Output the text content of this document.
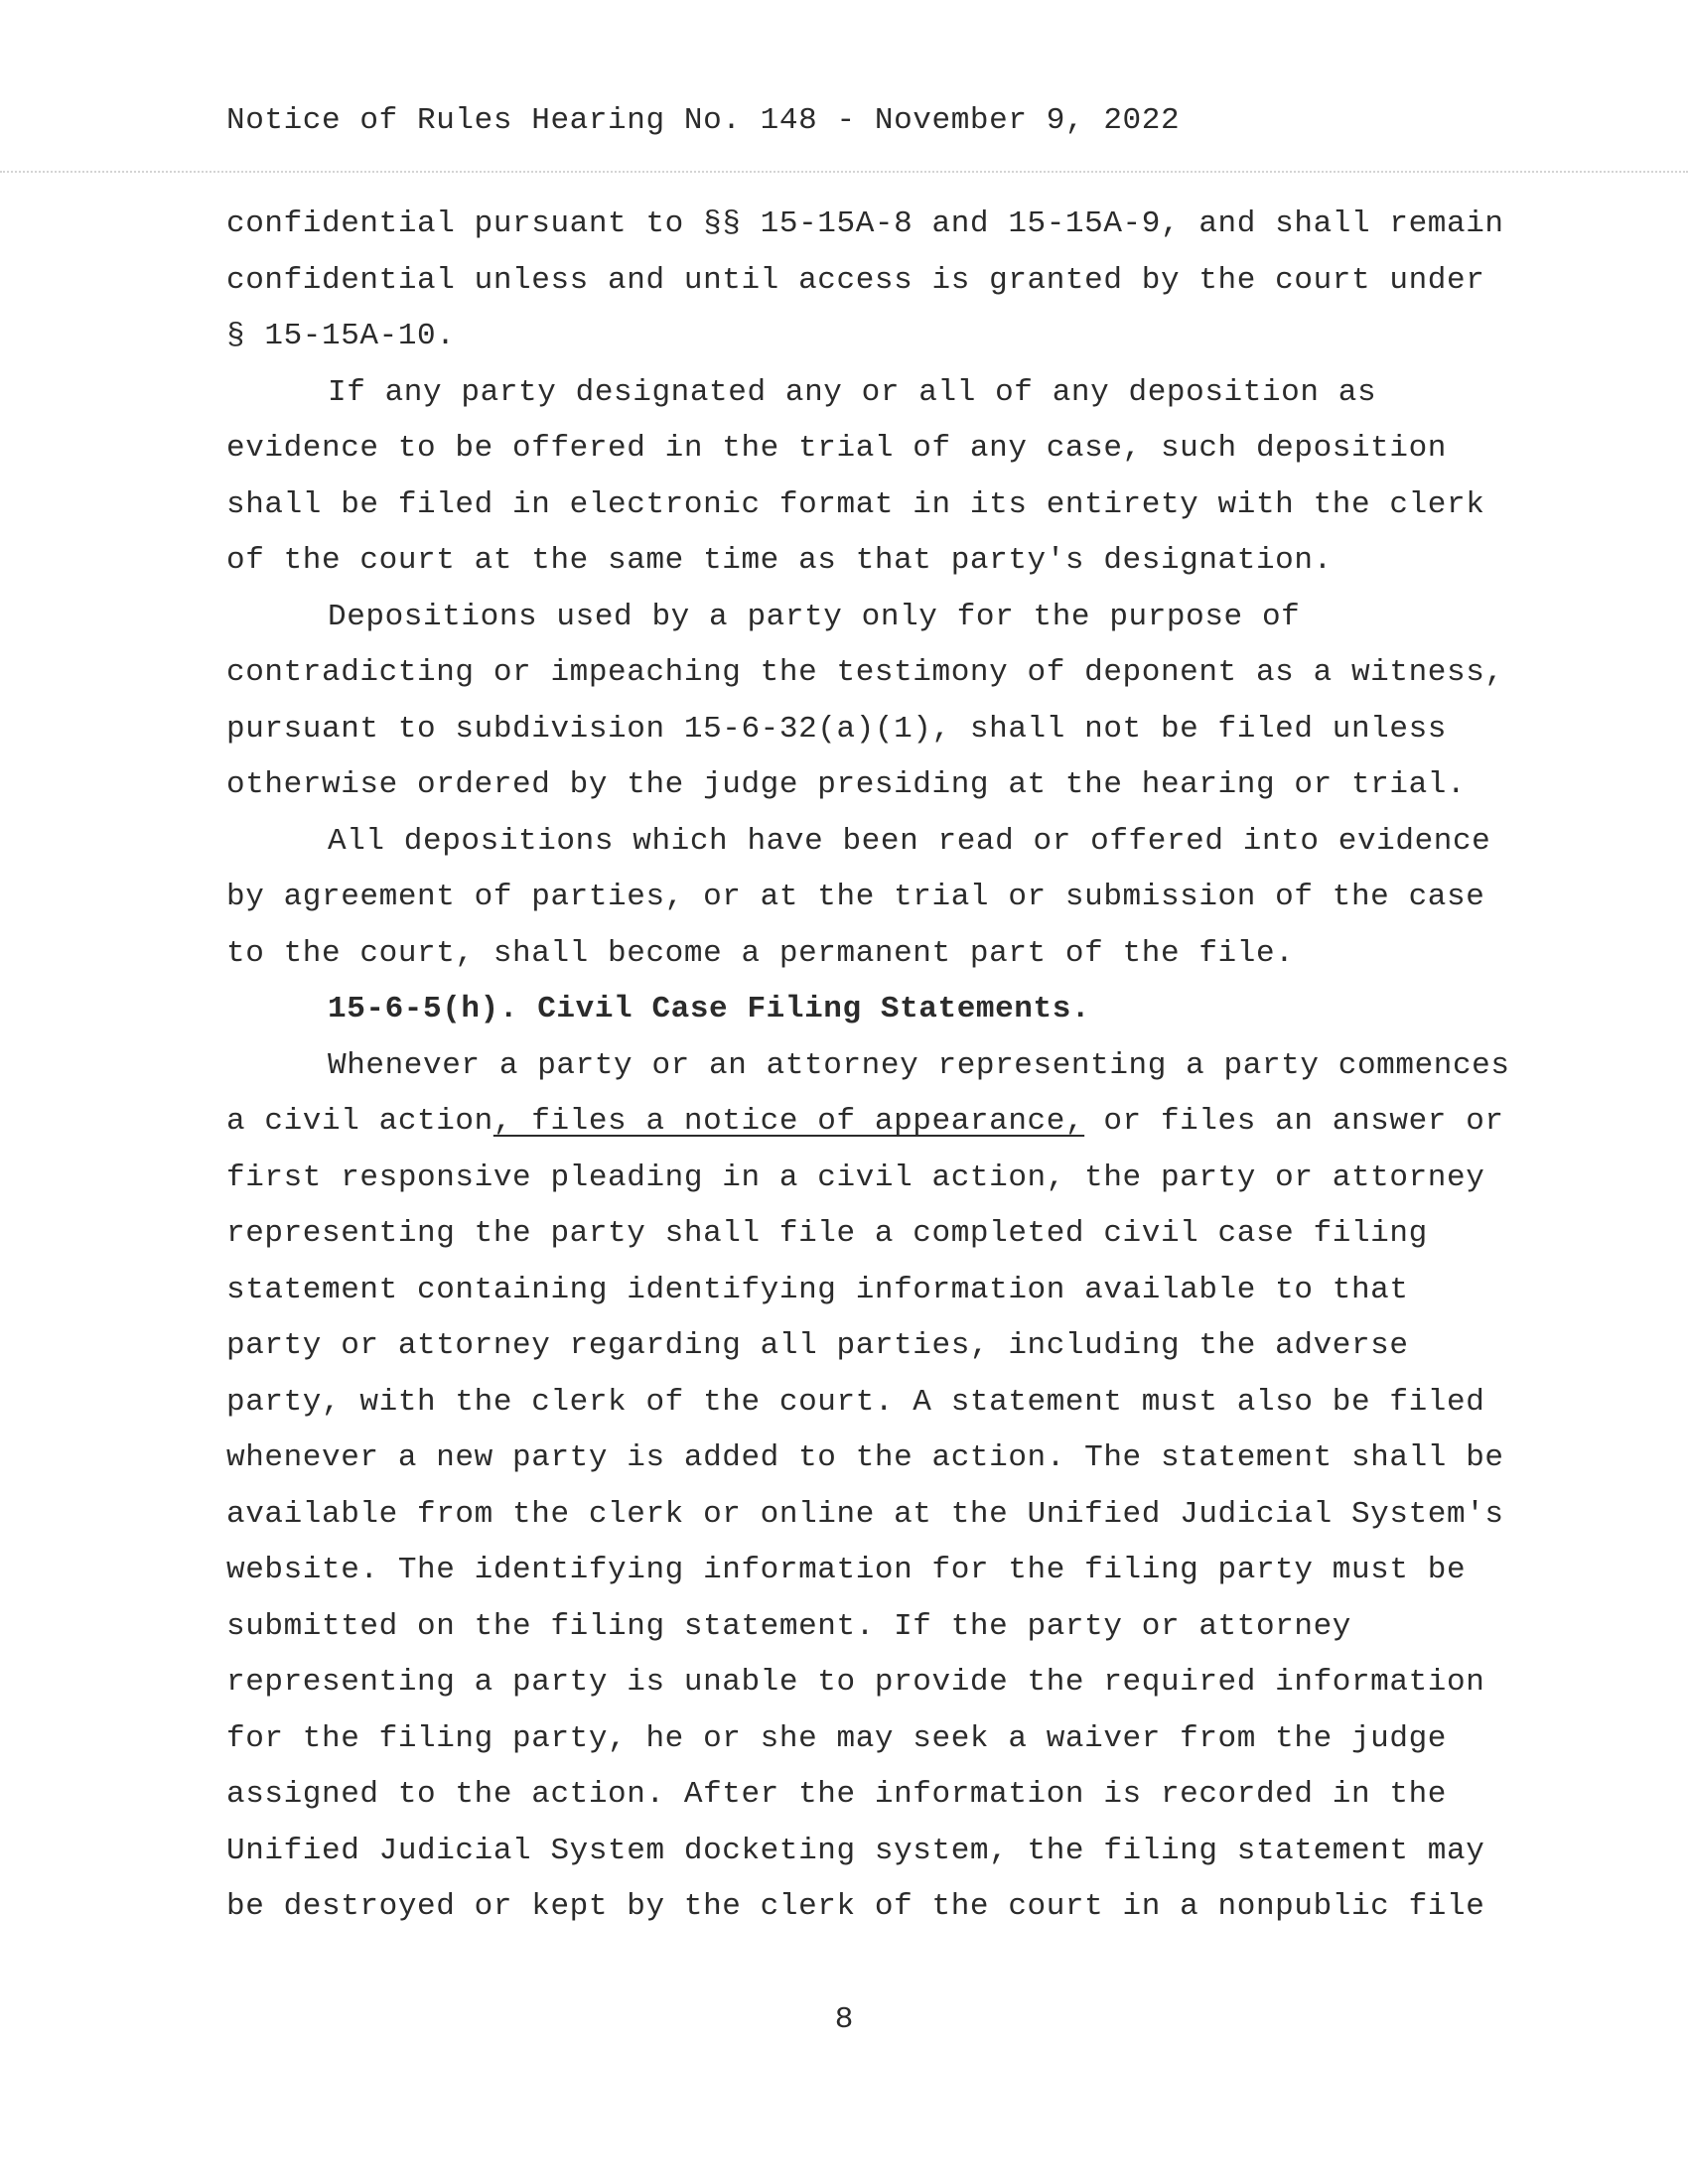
Notice of Rules Hearing No. 148 - November 9, 2022
confidential pursuant to §§ 15-15A-8 and 15-15A-9, and shall remain
confidential unless and until access is granted by the court under
§ 15-15A-10.
If any party designated any or all of any deposition as
evidence to be offered in the trial of any case, such deposition
shall be filed in electronic format in its entirety with the clerk
of the court at the same time as that party's designation.
Depositions used by a party only for the purpose of
contradicting or impeaching the testimony of deponent as a witness,
pursuant to subdivision 15-6-32(a)(1), shall not be filed unless
otherwise ordered by the judge presiding at the hearing or trial.
All depositions which have been read or offered into evidence
by agreement of parties, or at the trial or submission of the case
to the court, shall become a permanent part of the file.
15-6-5(h). Civil Case Filing Statements.
Whenever a party or an attorney representing a party commences
a civil action, files a notice of appearance, or files an answer or
first responsive pleading in a civil action, the party or attorney
representing the party shall file a completed civil case filing
statement containing identifying information available to that
party or attorney regarding all parties, including the adverse
party, with the clerk of the court. A statement must also be filed
whenever a new party is added to the action. The statement shall be
available from the clerk or online at the Unified Judicial System's
website. The identifying information for the filing party must be
submitted on the filing statement. If the party or attorney
representing a party is unable to provide the required information
for the filing party, he or she may seek a waiver from the judge
assigned to the action. After the information is recorded in the
Unified Judicial System docketing system, the filing statement may
be destroyed or kept by the clerk of the court in a nonpublic file
8
